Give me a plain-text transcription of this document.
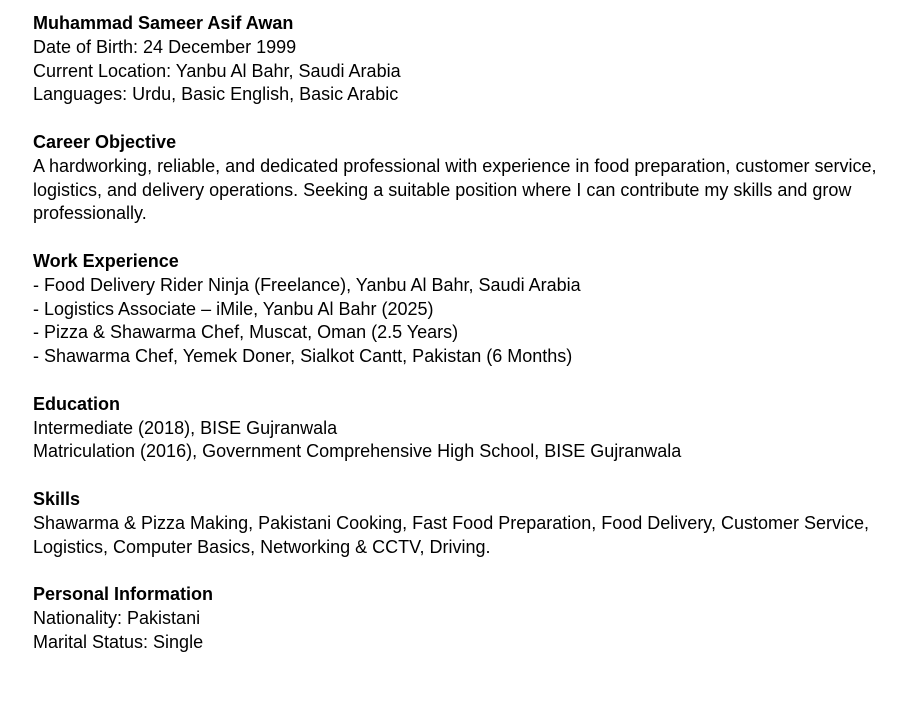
Muhammad Sameer Asif Awan
Date of Birth: 24 December 1999
Current Location: Yanbu Al Bahr, Saudi Arabia
Languages: Urdu, Basic English, Basic Arabic
Career Objective
A hardworking, reliable, and dedicated professional with experience in food preparation, customer service, logistics, and delivery operations. Seeking a suitable position where I can contribute my skills and grow professionally.
Work Experience
- Food Delivery Rider Ninja (Freelance), Yanbu Al Bahr, Saudi Arabia
- Logistics Associate – iMile, Yanbu Al Bahr (2025)
- Pizza & Shawarma Chef, Muscat, Oman (2.5 Years)
- Shawarma Chef, Yemek Doner, Sialkot Cantt, Pakistan (6 Months)
Education
Intermediate (2018), BISE Gujranwala
Matriculation (2016), Government Comprehensive High School, BISE Gujranwala
Skills
Shawarma & Pizza Making, Pakistani Cooking, Fast Food Preparation, Food Delivery, Customer Service, Logistics, Computer Basics, Networking & CCTV, Driving.
Personal Information
Nationality: Pakistani
Marital Status: Single
